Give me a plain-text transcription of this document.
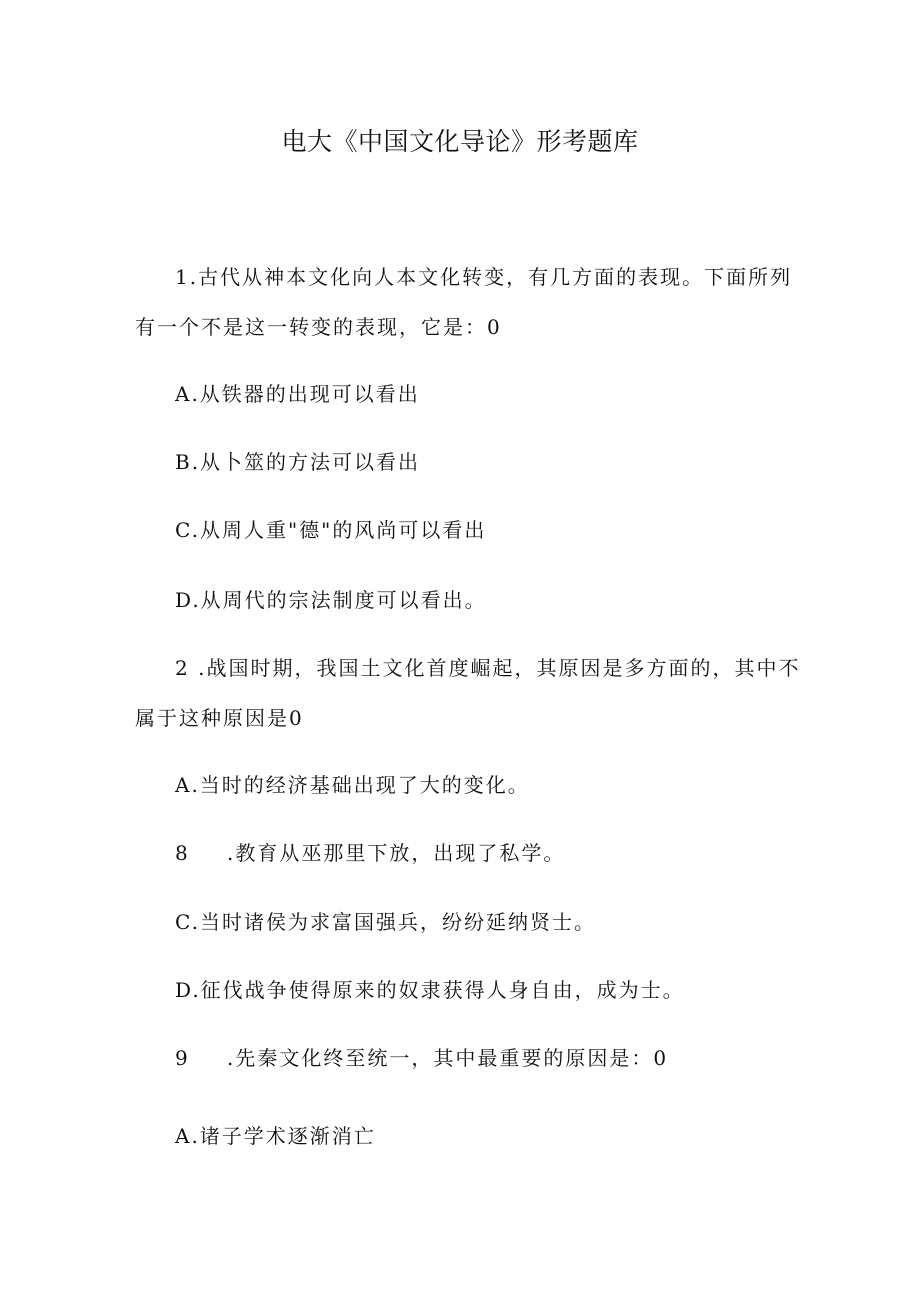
电大《中国文化导论》形考题库
1.古代从神本文化向人本文化转变，有几方面的表现。下面所列
有一个不是这一转变的表现，它是：0
A.从铁器的出现可以看出
B.从卜筮的方法可以看出
C.从周人重"德"的风尚可以看出
D.从周代的宗法制度可以看出。
2 .战国时期，我国土文化首度崛起，其原因是多方面的，其中不
属于这种原因是0
A.当时的经济基础出现了大的变化。
8 .教育从巫那里下放，出现了私学。
C.当时诸侯为求富国强兵，纷纷延纳贤士。
D.征伐战争使得原来的奴隶获得人身自由，成为士。
9 .先秦文化终至统一，其中最重要的原因是：0
A.诸子学术逐渐消亡
